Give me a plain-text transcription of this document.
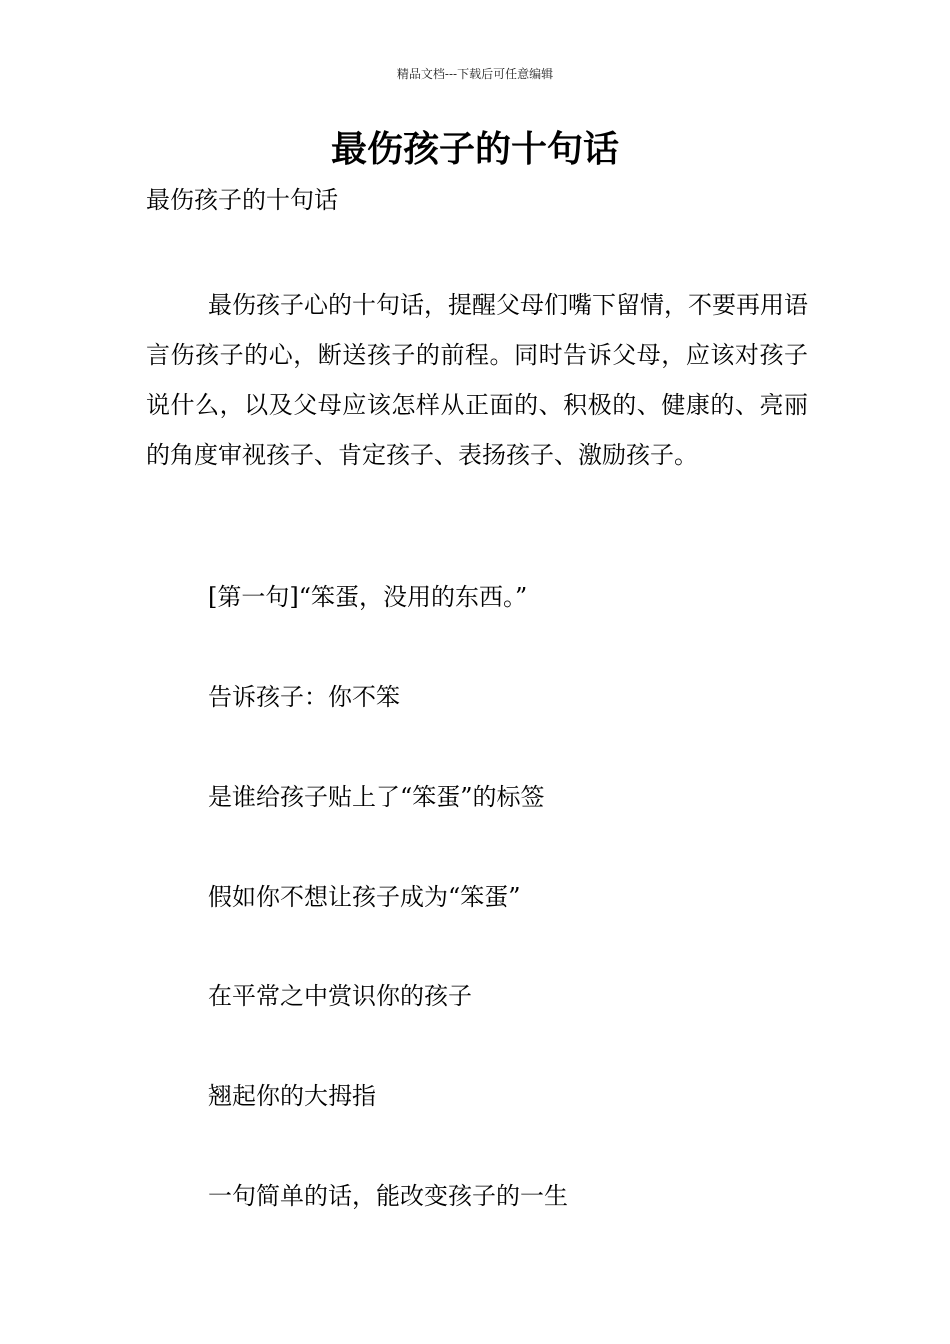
精品文档---下载后可任意编辑
最伤孩子的十句话

最伤孩子的十句话

最伤孩子心的十句话，提醒父母们嘴下留情，不要再用语言伤孩子的心，断送孩子的前程。同时告诉父母，应该对孩子说什么，以及父母应该怎样从正面的、积极的、健康的、亮丽的角度审视孩子、肯定孩子、表扬孩子、激励孩子。

[第一句]“笨蛋，没用的东西。”

告诉孩子：你不笨

是谁给孩子贴上了“笨蛋”的标签

假如你不想让孩子成为“笨蛋”

在平常之中赏识你的孩子

翘起你的大拇指

一句简单的话，能改变孩子的一生
